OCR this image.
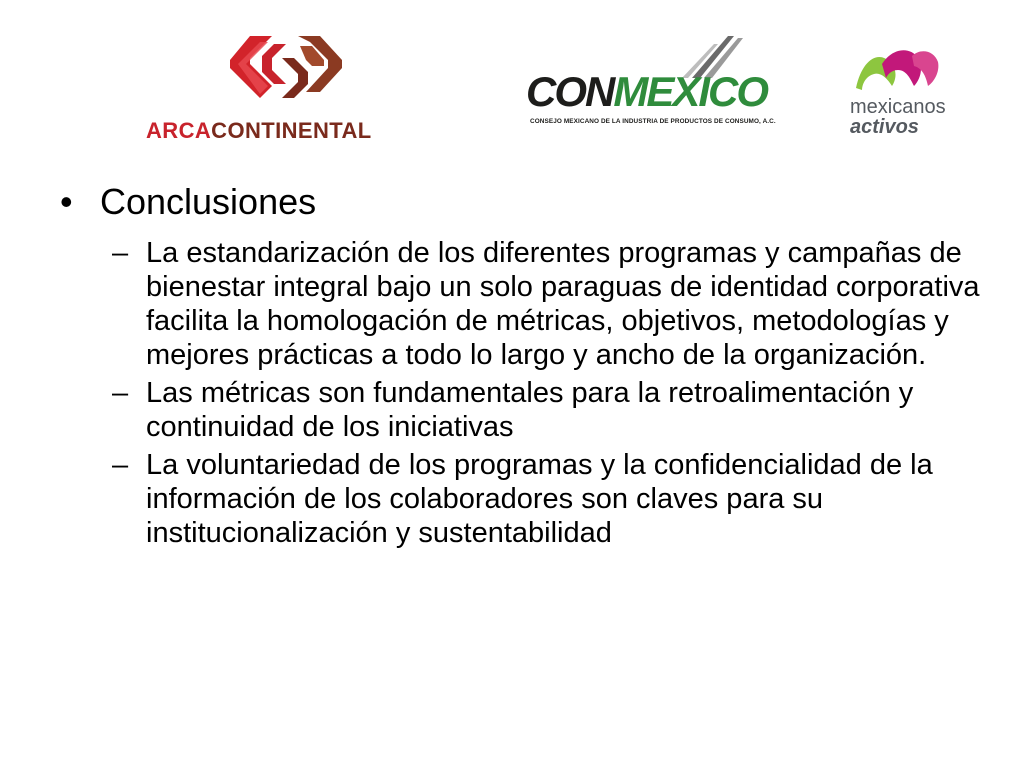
ARCACONTINENTAL
CONMEXICO
CONSEJO MEXICANO DE LA INDUSTRIA DE PRODUCTOS DE CONSUMO, A.C.
mexicanos
activos
• Conclusiones
– La estandarización de los diferentes programas y campañas de bienestar integral bajo un solo paraguas de identidad corporativa facilita la homologación de métricas, objetivos, metodologías y mejores prácticas a todo lo largo y ancho de la organización.
– Las métricas son fundamentales para la retroalimentación y continuidad de los iniciativas
– La voluntariedad de los programas y la confidencialidad de la información de los colaboradores son claves para su institucionalización y sustentabilidad
